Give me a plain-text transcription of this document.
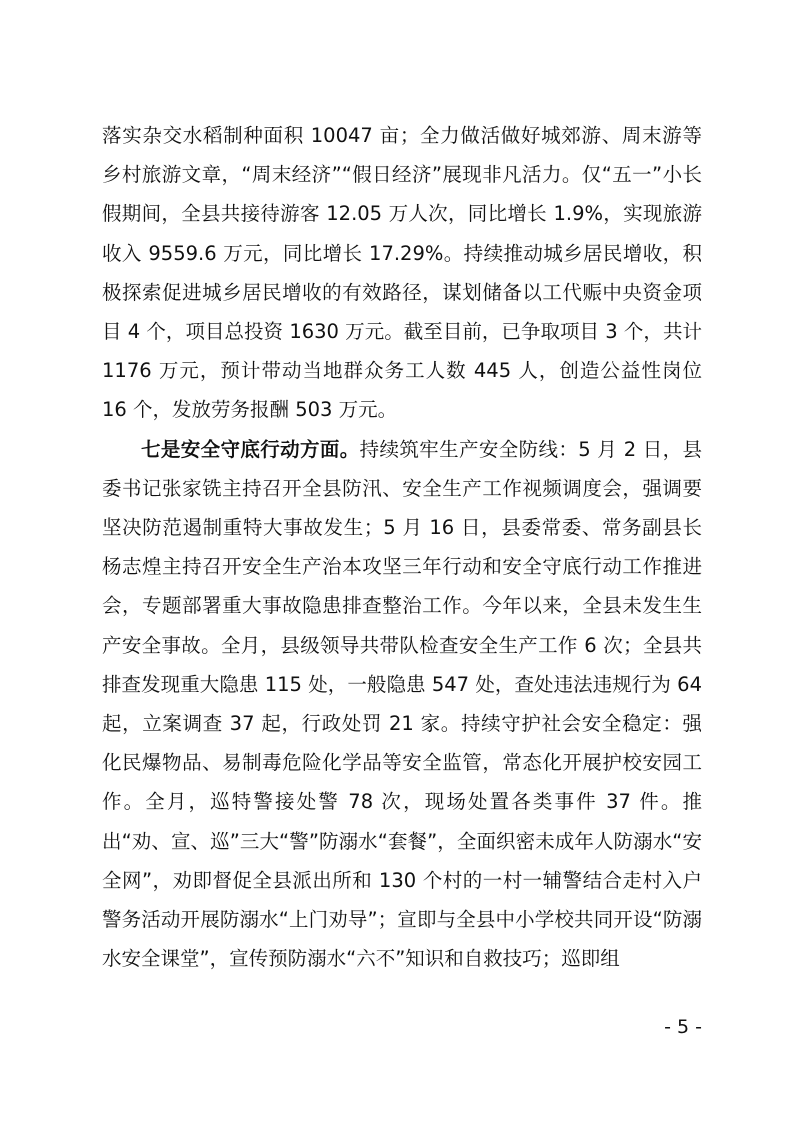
落实杂交水稻制种面积 10047 亩；全力做活做好城郊游、周末游等乡村旅游文章，“周末经济”“假日经济”展现非凡活力。仅“五一”小长假期间，全县共接待游客 12.05 万人次，同比增长 1.9%，实现旅游收入 9559.6 万元，同比增长 17.29%。持续推动城乡居民增收，积极探索促进城乡居民增收的有效路径，谋划储备以工代赈中央资金项目 4 个，项目总投资 1630 万元。截至目前，已争取项目 3 个，共计 1176 万元，预计带动当地群众务工人数 445 人，创造公益性岗位 16 个，发放劳务报酬 503 万元。

七是安全守底行动方面。持续筑牢生产安全防线：5 月 2 日，县委书记张家铣主持召开全县防汛、安全生产工作视频调度会，强调要坚决防范遏制重特大事故发生；5 月 16 日，县委常委、常务副县长杨志煌主持召开安全生产治本攻坚三年行动和安全守底行动工作推进会，专题部署重大事故隐患排查整治工作。今年以来，全县未发生生产安全事故。全月，县级领导共带队检查安全生产工作 6 次；全县共排查发现重大隐患 115 处，一般隐患 547 处，查处违法违规行为 64 起，立案调查 37 起，行政处罚 21 家。持续守护社会安全稳定：强化民爆物品、易制毒危险化学品等安全监管，常态化开展护校安园工作。全月，巡特警接处警 78 次，现场处置各类事件 37 件。推出“劝、宣、巡”三大“警”防溺水“套餐”，全面织密未成年人防溺水“安全网”，劝即督促全县派出所和 130 个村的一村一辅警结合走村入户警务活动开展防溺水“上门劝导”；宣即与全县中小学校共同开设“防溺水安全课堂”，宣传预防溺水“六不”知识和自救技巧；巡即组

- 5 -
